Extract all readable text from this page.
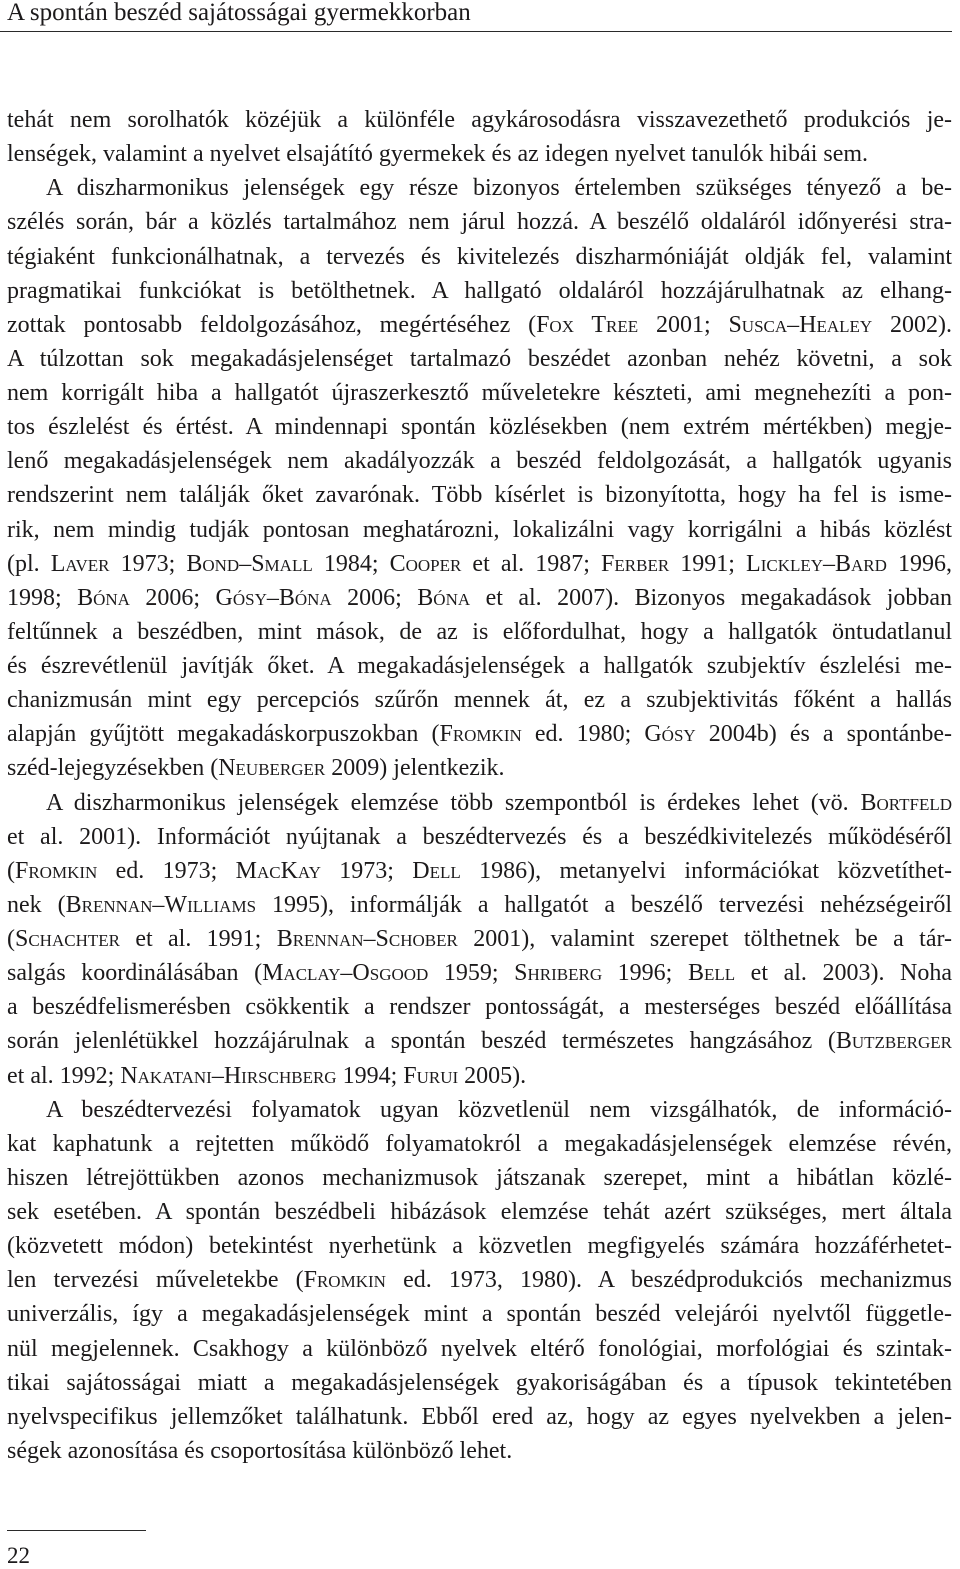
A spontán beszéd sajátosságai gyermekkorban
tehát nem sorolhatók közéjük a különféle agykárosodásra visszavezethető produkciós je-
lenségek, valamint a nyelvet elsajátító gyermekek és az idegen nyelvet tanulók hibái sem.
A diszharmonikus jelenségek egy része bizonyos értelemben szükséges tényező a be-
szélés során, bár a közlés tartalmához nem járul hozzá. A beszélő oldaláról időnyerési stra-
tégiaként funkcionálhatnak, a tervezés és kivitelezés diszharmóniáját oldják fel, valamint
pragmatikai funkciókat is betölthetnek. A hallgató oldaláról hozzájárulhatnak az elhang-
zottak pontosabb feldolgozásához, megértéséhez (Fox Tree 2001; Susca–Healey 2002).
A túlzottan sok megakadásjelenséget tartalmazó beszédet azonban nehéz követni, a sok
nem korrigált hiba a hallgatót újraszerkesztő műveletekre készteti, ami megnehezíti a pon-
tos észlelést és értést. A mindennapi spontán közlésekben (nem extrém mértékben) megje-
lenő megakadásjelenségek nem akadályozzák a beszéd feldolgozását, a hallgatók ugyanis
rendszerint nem találják őket zavarónak. Több kísérlet is bizonyította, hogy ha fel is isme-
rik, nem mindig tudják pontosan meghatározni, lokalizálni vagy korrigálni a hibás közlést
(pl. Laver 1973; Bond–Small 1984; Cooper et al. 1987; Ferber 1991; Lickley–Bard 1996,
1998; Bóna 2006; Gósy–Bóna 2006; Bóna et al. 2007). Bizonyos megakadások jobban
feltűnnek a beszédben, mint mások, de az is előfordulhat, hogy a hallgatók öntudatlanul
és észrevétlenül javítják őket. A megakadásjelenségek a hallgatók szubjektív észlelési me-
chanizmusán mint egy percepciós szűrőn mennek át, ez a szubjektivitás főként a hallás
alapján gyűjtött megakadáskorpuszokban (Fromkin ed. 1980; Gósy 2004b) és a spontánbe-
széd-lejegyzésekben (Neuberger 2009) jelentkezik.
A diszharmonikus jelenségek elemzése több szempontból is érdekes lehet (vö. Bortfeld
et al. 2001). Információt nyújtanak a beszédtervezés és a beszédkivitelezés működéséről
(Fromkin ed. 1973; MacKay 1973; Dell 1986), metanyelvi információkat közvetíthet-
nek (Brennan–Williams 1995), informálják a hallgatót a beszélő tervezési nehézségeiről
(Schachter et al. 1991; Brennan–Schober 2001), valamint szerepet tölthetnek be a tár-
salgás koordinálásában (Maclay–Osgood 1959; Shriberg 1996; Bell et al. 2003). Noha
a beszédfelismerésben csökkentik a rendszer pontosságát, a mesterséges beszéd előállítása
során jelenlétükkel hozzájárulnak a spontán beszéd természetes hangzásához (Butzberger
et al. 1992; Nakatani–Hirschberg 1994; Furui 2005).
A beszédtervezési folyamatok ugyan közvetlenül nem vizsgálhatók, de információ-
kat kaphatunk a rejtetten működő folyamatokról a megakadásjelenségek elemzése révén,
hiszen létrejöttükben azonos mechanizmusok játszanak szerepet, mint a hibátlan közlé-
sek esetében. A spontán beszédbeli hibázások elemzése tehát azért szükséges, mert általa
(közvetett módon) betekintést nyerhetünk a közvetlen megfigyelés számára hozzáférhetet-
len tervezési műveletekbe (Fromkin ed. 1973, 1980). A beszédprodukciós mechanizmus
univerzális, így a megakadásjelenségek mint a spontán beszéd velejárói nyelvtől függetle-
nül megjelennek. Csakhogy a különböző nyelvek eltérő fonológiai, morfológiai és szintak-
tikai sajátosságai miatt a megakadásjelenségek gyakoriságában és a típusok tekintetében
nyelvspecifikus jellemzőket találhatunk. Ebből ered az, hogy az egyes nyelvekben a jelen-
ségek azonosítása és csoportosítása különböző lehet.
22
